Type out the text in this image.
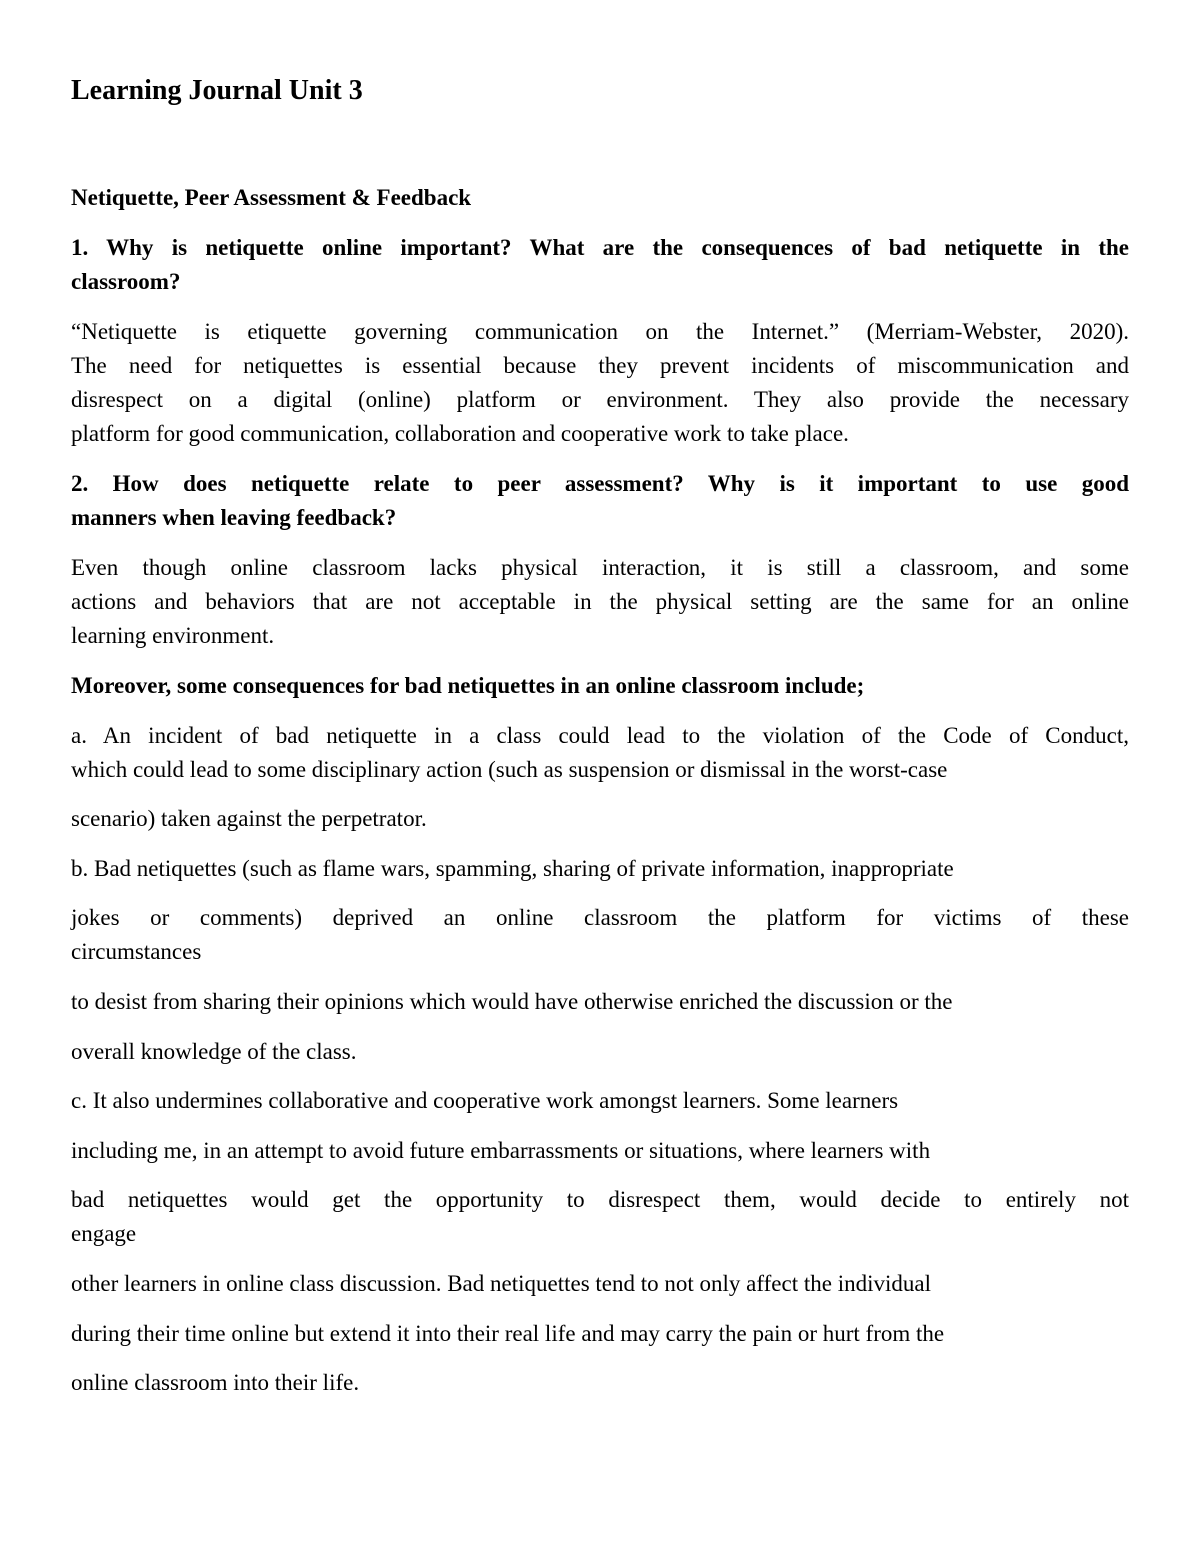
Learning Journal Unit 3
Netiquette, Peer Assessment & Feedback
1. Why is netiquette online important? What are the consequences of bad netiquette in the
classroom?
“Netiquette is etiquette governing communication on the Internet.” (Merriam-Webster, 2020).
The need for netiquettes is essential because they prevent incidents of miscommunication and
disrespect on a digital (online) platform or environment. They also provide the necessary
platform for good communication, collaboration and cooperative work to take place.
2. How does netiquette relate to peer assessment? Why is it important to use good
manners when leaving feedback?
Even though online classroom lacks physical interaction, it is still a classroom, and some
actions and behaviors that are not acceptable in the physical setting are the same for an online
learning environment.
Moreover, some consequences for bad netiquettes in an online classroom include;
a. An incident of bad netiquette in a class could lead to the violation of the Code of Conduct,
which could lead to some disciplinary action (such as suspension or dismissal in the worst-case
scenario) taken against the perpetrator.
b. Bad netiquettes (such as flame wars, spamming, sharing of private information, inappropriate
jokes or comments) deprived an online classroom the platform for victims of these
circumstances
to desist from sharing their opinions which would have otherwise enriched the discussion or the
overall knowledge of the class.
c. It also undermines collaborative and cooperative work amongst learners. Some learners
including me, in an attempt to avoid future embarrassments or situations, where learners with
bad netiquettes would get the opportunity to disrespect them, would decide to entirely not
engage
other learners in online class discussion. Bad netiquettes tend to not only affect the individual
during their time online but extend it into their real life and may carry the pain or hurt from the
online classroom into their life.
